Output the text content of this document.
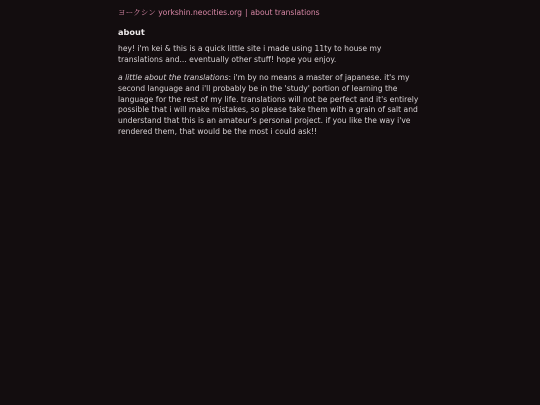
ヨークシン yorkshin.neocities.org | about translations
about

hey! i'm kei & this is a quick little site i made using 11ty to house my translations and... eventually other stuff! hope you enjoy.

a little about the translations: i'm by no means a master of japanese. it's my second language and i'll probably be in the 'study' portion of learning the language for the rest of my life. translations will not be perfect and it's entirely possible that i will make mistakes, so please take them with a grain of salt and understand that this is an amateur's personal project. if you like the way i've rendered them, that would be the most i could ask!!
